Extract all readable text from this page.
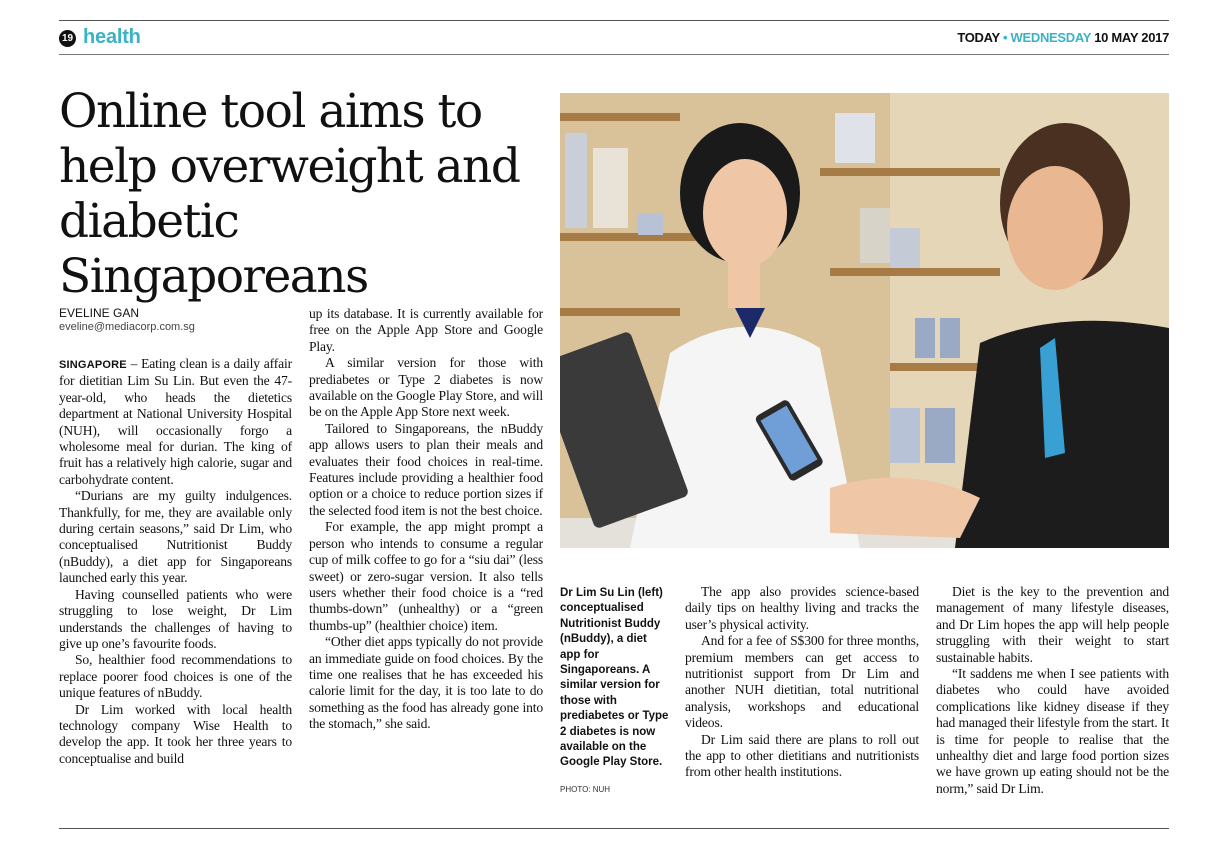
19 health	TODAY • WEDNESDAY 10 MAY 2017
Online tool aims to help overweight and diabetic Singaporeans
EVELINE GAN
eveline@mediacorp.com.sg

SINGAPORE – Eating clean is a daily affair for dietitian Lim Su Lin. But even the 47-year-old, who heads the dietetics department at National University Hospital (NUH), will occasionally forgo a wholesome meal for durian. The king of fruit has a relatively high calorie, sugar and carbohydrate content.

“Durians are my guilty indulgences. Thankfully, for me, they are available only during certain seasons,” said Dr Lim, who conceptualised Nutritionist Buddy (nBuddy), a diet app for Singaporeans launched early this year.

Having counselled patients who were struggling to lose weight, Dr Lim understands the challenges of having to give up one’s favourite foods.

So, healthier food recommendations to replace poorer food choices is one of the unique features of nBuddy.

Dr Lim worked with local health technology company Wise Health to develop the app. It took her three years to conceptualise and build

up its database. It is currently available for free on the Apple App Store and Google Play.

A similar version for those with prediabetes or Type 2 diabetes is now available on the Google Play Store, and will be on the Apple App Store next week.

Tailored to Singaporeans, the nBuddy app allows users to plan their meals and evaluates their food choices in real-time. Features include providing a healthier food option or a choice to reduce portion sizes if the selected food item is not the best choice.

For example, the app might prompt a person who intends to consume a regular cup of milk coffee to go for a “siu dai” (less sweet) or zero-sugar version. It also tells users whether their food choice is a “red thumbs-down” (unhealthy) or a “green thumbs-up” (healthier choice) item.

“Other diet apps typically do not provide an immediate guide on food choices. By the time one realises that he has exceeded his calorie limit for the day, it is too late to do something as the food has already gone into the stomach,” she said.

Dr Lim Su Lin (left) conceptualised Nutritionist Buddy (nBuddy), a diet app for Singaporeans. A similar version for those with prediabetes or Type 2 diabetes is now available on the Google Play Store.
PHOTO: NUH

The app also provides science-based daily tips on healthy living and tracks the user’s physical activity.

And for a fee of S$300 for three months, premium members can get access to nutritionist support from Dr Lim and another NUH dietitian, total nutritional analysis, workshops and educational videos.

Dr Lim said there are plans to roll out the app to other dietitians and nutritionists from other health institutions.

Diet is the key to the prevention and management of many lifestyle diseases, and Dr Lim hopes the app will help people struggling with their weight to start sustainable habits.

“It saddens me when I see patients with diabetes who could have avoided complications like kidney disease if they had managed their lifestyle from the start. It is time for people to realise that the unhealthy diet and large food portion sizes we have grown up eating should not be the norm,” said Dr Lim.
